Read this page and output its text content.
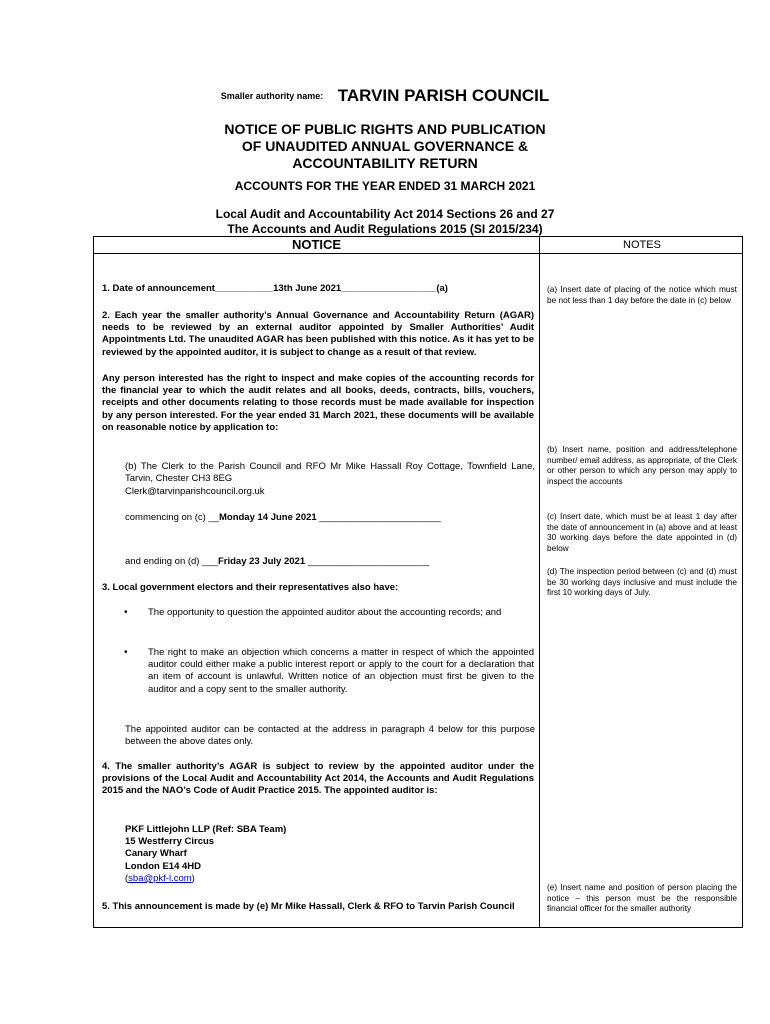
Smaller authority name: TARVIN PARISH COUNCIL
NOTICE OF PUBLIC RIGHTS AND PUBLICATION
OF UNAUDITED ANNUAL GOVERNANCE &
ACCOUNTABILITY RETURN
ACCOUNTS FOR THE YEAR ENDED 31 MARCH 2021
Local Audit and Accountability Act 2014 Sections 26 and 27
The Accounts and Audit Regulations 2015 (SI 2015/234)
NOTICE	NOTES
1. Date of announcement___________13th June 2021__________________(a)
2. Each year the smaller authority’s Annual Governance and Accountability Return (AGAR) needs to be reviewed by an external auditor appointed by Smaller Authorities’ Audit Appointments Ltd. The unaudited AGAR has been published with this notice. As it has yet to be reviewed by the appointed auditor, it is subject to change as a result of that review.
Any person interested has the right to inspect and make copies of the accounting records for the financial year to which the audit relates and all books, deeds, contracts, bills, vouchers, receipts and other documents relating to those records must be made available for inspection by any person interested. For the year ended 31 March 2021, these documents will be available on reasonable notice by application to:
(b) The Clerk to the Parish Council and RFO Mr Mike Hassall Roy Cottage, Townfield Lane, Tarvin, Chester CH3 8EG
Clerk@tarvinparishcouncil.org.uk
commencing on (c) __Monday 14 June 2021 _______________________
and ending on (d) ___Friday 23 July 2021 _______________________
3. Local government electors and their representatives also have:
• The opportunity to question the appointed auditor about the accounting records; and
• The right to make an objection which concerns a matter in respect of which the appointed auditor could either make a public interest report or apply to the court for a declaration that an item of account is unlawful. Written notice of an objection must first be given to the auditor and a copy sent to the smaller authority.
The appointed auditor can be contacted at the address in paragraph 4 below for this purpose between the above dates only.
4. The smaller authority’s AGAR is subject to review by the appointed auditor under the provisions of the Local Audit and Accountability Act 2014, the Accounts and Audit Regulations 2015 and the NAO’s Code of Audit Practice 2015. The appointed auditor is:
PKF Littlejohn LLP (Ref: SBA Team)
15 Westferry Circus
Canary Wharf
London E14 4HD
(sba@pkf-l.com)
5. This announcement is made by (e) Mr Mike Hassall, Clerk & RFO to Tarvin Parish Council
(a) Insert date of placing of the notice which must be not less than 1 day before the date in (c) below
(b) Insert name, position and address/telephone number/ email address, as appropriate, of the Clerk or other person to which any person may apply to inspect the accounts
(c) Insert date, which must be at least 1 day after the date of announcement in (a) above and at least 30 working days before the date appointed in (d) below
(d) The inspection period between (c) and (d) must be 30 working days inclusive and must include the first 10 working days of July.
(e) Insert name and position of person placing the notice – this person must be the responsible financial officer for the smaller authority
